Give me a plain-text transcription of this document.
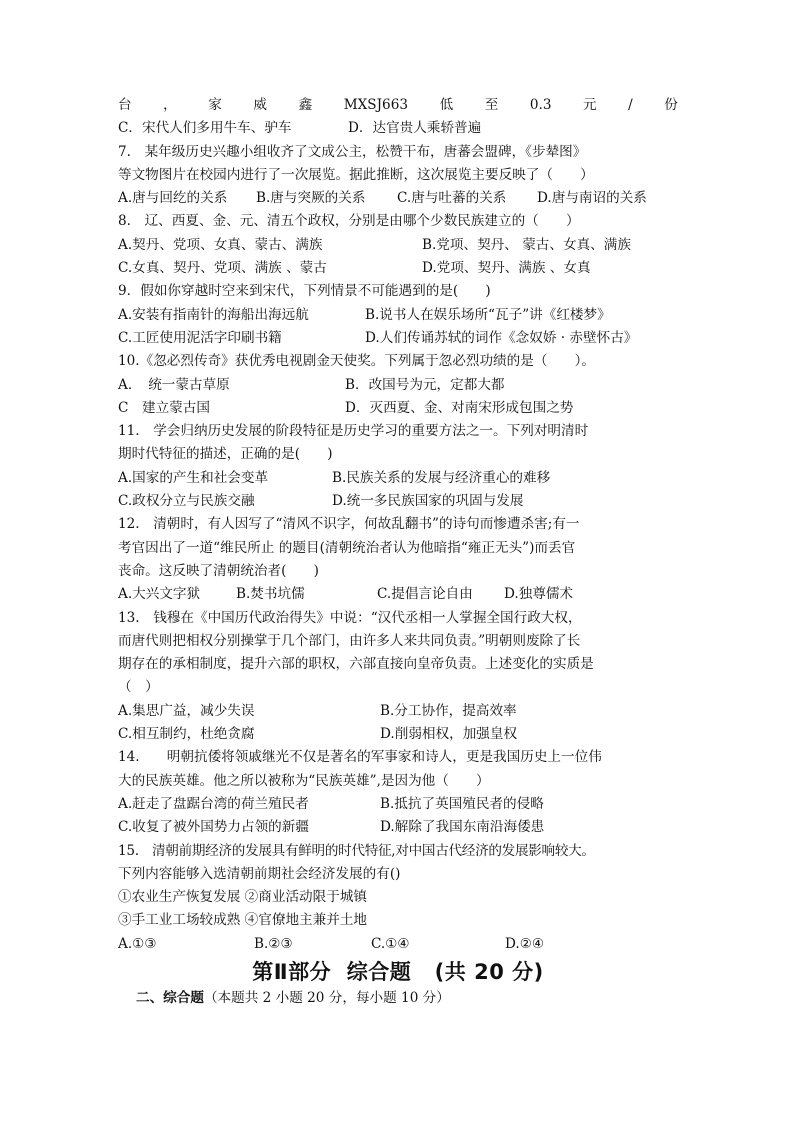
台 ， 家 威 鑫 MXSJ663 低 至 0.3 元 / 份
C．宋代人们多用牛车、驴车	D．达官贵人乘轿普遍
7.　某年级历史兴趣小组收齐了文成公主，松赞干布，唐蕃会盟碑，《步辇图》
等文物图片在校园内进行了一次展览。据此推断，这次展览主要反映了（　　）
A.唐与回纥的关系	B.唐与突厥的关系	C.唐与吐蕃的关系	D.唐与南诏的关系
8.　辽、西夏、金、元、清五个政权，分别是由哪个少数民族建立的（　　）
A.契丹、党项、女真、蒙古、满族	B.党项、契丹、 蒙古、女真、满族
C.女真、契丹、党项、满族 、蒙古	D.党项、契丹、满族 、女真
9．假如你穿越时空来到宋代，下列情景不可能遇到的是(　　)
A.安装有指南针的海船出海远航	B.说书人在娱乐场所“瓦子”讲《红楼梦》
C.工匠使用泥活字印刷书籍	D.人们传诵苏轼的词作《念奴娇 · 赤壁怀古》
10.《忽必烈传奇》获优秀电视剧金天使奖。下列属于忽必烈功绩的是（　　）。
A．　统一蒙古草原	B．改国号为元，定都大都
C　建立蒙古国	D．灭西夏、金、对南宋形成包围之势
11.　学会归纳历史发展的阶段特征是历史学习的重要方法之一。下列对明清时
期时代特征的描述，正确的是(　　)
A.国家的产生和社会变革	B.民族关系的发展与经济重心的难移
C.政权分立与民族交融	D.统一多民族国家的巩固与发展
12.　清朝时，有人因写了“清风不识字，何故乱翻书”的诗句而惨遭杀害;有一
考官因出了一道“维民所止 的题目(清朝统治者认为他暗指“雍正无头”)而丢官
丧命。这反映了清朝统治者(　　)
A.大兴文字狱	B.焚书坑儒	C.提倡言论自由	D.独尊儒术
13.　钱穆在《中国历代政治得失》中说：“汉代丞相一人掌握全国行政大权，
而唐代则把相权分别操掌于几个部门，由许多人来共同负责。”明朝则废除了长
期存在的承相制度，提升六部的职权，六部直接向皇帝负责。上述变化的实质是
（　）
A.集思广益，减少失误	B.分工协作，提高效率
C.相互制约，杜绝贪腐	D.削弱相权，加强皇权
14.　　明朝抗倭将领戚继光不仅是著名的军事家和诗人，更是我国历史上一位伟
大的民族英雄。他之所以被称为“民族英雄”,是因为他（　　）
A.赶走了盘踞台湾的荷兰殖民者	B.抵抗了英国殖民者的侵略
C.收复了被外国势力占领的新疆	D.解除了我国东南沿海倭患
15.　清朝前期经济的发展具有鲜明的时代特征,对中国古代经济的发展影响较大。
下列内容能够入选清朝前期社会经济发展的有()
①农业生产恢复发展 ②商业活动限于城镇
③手工业工场较成熟 ④官僚地主兼并土地
A.①③	B.②③	C.①④	D.②④
第Ⅱ部分  综合题   (共 20 分)
二、综合题（本题共 2 小题 20 分，每小题 10 分）
